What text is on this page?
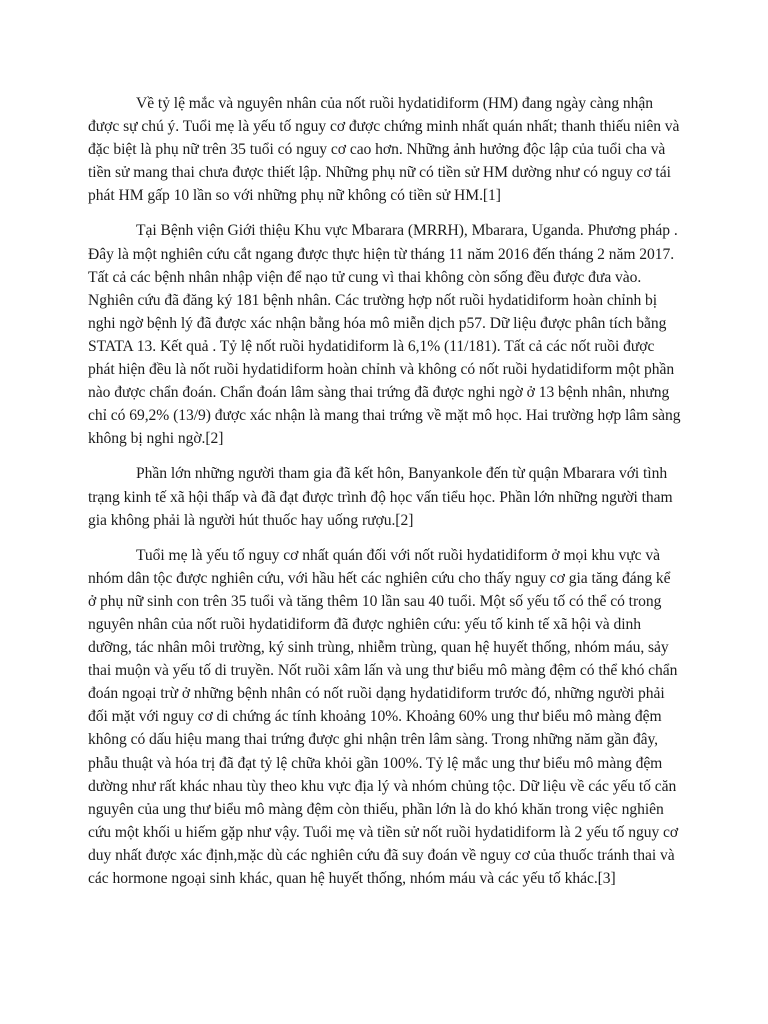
Về tỷ lệ mắc và nguyên nhân của nốt ruồi hydatidiform (HM) đang ngày càng nhận được sự chú ý. Tuổi mẹ là yếu tố nguy cơ được chứng minh nhất quán nhất; thanh thiếu niên và đặc biệt là phụ nữ trên 35 tuổi có nguy cơ cao hơn. Những ảnh hưởng độc lập của tuổi cha và tiền sử mang thai chưa được thiết lập. Những phụ nữ có tiền sử HM dường như có nguy cơ tái phát HM gấp 10 lần so với những phụ nữ không có tiền sử HM.[1]

Tại Bệnh viện Giới thiệu Khu vực Mbarara (MRRH), Mbarara, Uganda. Phương pháp . Đây là một nghiên cứu cắt ngang được thực hiện từ tháng 11 năm 2016 đến tháng 2 năm 2017. Tất cả các bệnh nhân nhập viện để nạo tử cung vì thai không còn sống đều được đưa vào. Nghiên cứu đã đăng ký 181 bệnh nhân. Các trường hợp nốt ruồi hydatidiform hoàn chỉnh bị nghi ngờ bệnh lý đã được xác nhận bằng hóa mô miễn dịch p57. Dữ liệu được phân tích bằng STATA 13. Kết quả . Tỷ lệ nốt ruồi hydatidiform là 6,1% (11/181). Tất cả các nốt ruồi được phát hiện đều là nốt ruồi hydatidiform hoàn chỉnh và không có nốt ruồi hydatidiform một phần nào được chẩn đoán. Chẩn đoán lâm sàng thai trứng đã được nghi ngờ ở 13 bệnh nhân, nhưng chỉ có 69,2% (13/9) được xác nhận là mang thai trứng về mặt mô học. Hai trường hợp lâm sàng không bị nghi ngờ.[2]

Phần lớn những người tham gia đã kết hôn, Banyankole đến từ quận Mbarara với tình trạng kinh tế xã hội thấp và đã đạt được trình độ học vấn tiểu học. Phần lớn những người tham gia không phải là người hút thuốc hay uống rượu.[2]

Tuổi mẹ là yếu tố nguy cơ nhất quán đối với nốt ruồi hydatidiform ở mọi khu vực và nhóm dân tộc được nghiên cứu, với hầu hết các nghiên cứu cho thấy nguy cơ gia tăng đáng kể ở phụ nữ sinh con trên 35 tuổi và tăng thêm 10 lần sau 40 tuổi. Một số yếu tố có thể có trong nguyên nhân của nốt ruồi hydatidiform đã được nghiên cứu: yếu tố kinh tế xã hội và dinh dưỡng, tác nhân môi trường, ký sinh trùng, nhiễm trùng, quan hệ huyết thống, nhóm máu, sảy thai muộn và yếu tố di truyền. Nốt ruồi xâm lấn và ung thư biểu mô màng đệm có thể khó chẩn đoán ngoại trừ ở những bệnh nhân có nốt ruồi dạng hydatidiform trước đó, những người phải đối mặt với nguy cơ di chứng ác tính khoảng 10%. Khoảng 60% ung thư biểu mô màng đệm không có dấu hiệu mang thai trứng được ghi nhận trên lâm sàng. Trong những năm gần đây, phẫu thuật và hóa trị đã đạt tỷ lệ chữa khỏi gần 100%. Tỷ lệ mắc ung thư biểu mô màng đệm dường như rất khác nhau tùy theo khu vực địa lý và nhóm chủng tộc. Dữ liệu về các yếu tố căn nguyên của ung thư biểu mô màng đệm còn thiếu, phần lớn là do khó khăn trong việc nghiên cứu một khối u hiếm gặp như vậy. Tuổi mẹ và tiền sử nốt ruồi hydatidiform là 2 yếu tố nguy cơ duy nhất được xác định,mặc dù các nghiên cứu đã suy đoán về nguy cơ của thuốc tránh thai và các hormone ngoại sinh khác, quan hệ huyết thống, nhóm máu và các yếu tố khác.[3]
